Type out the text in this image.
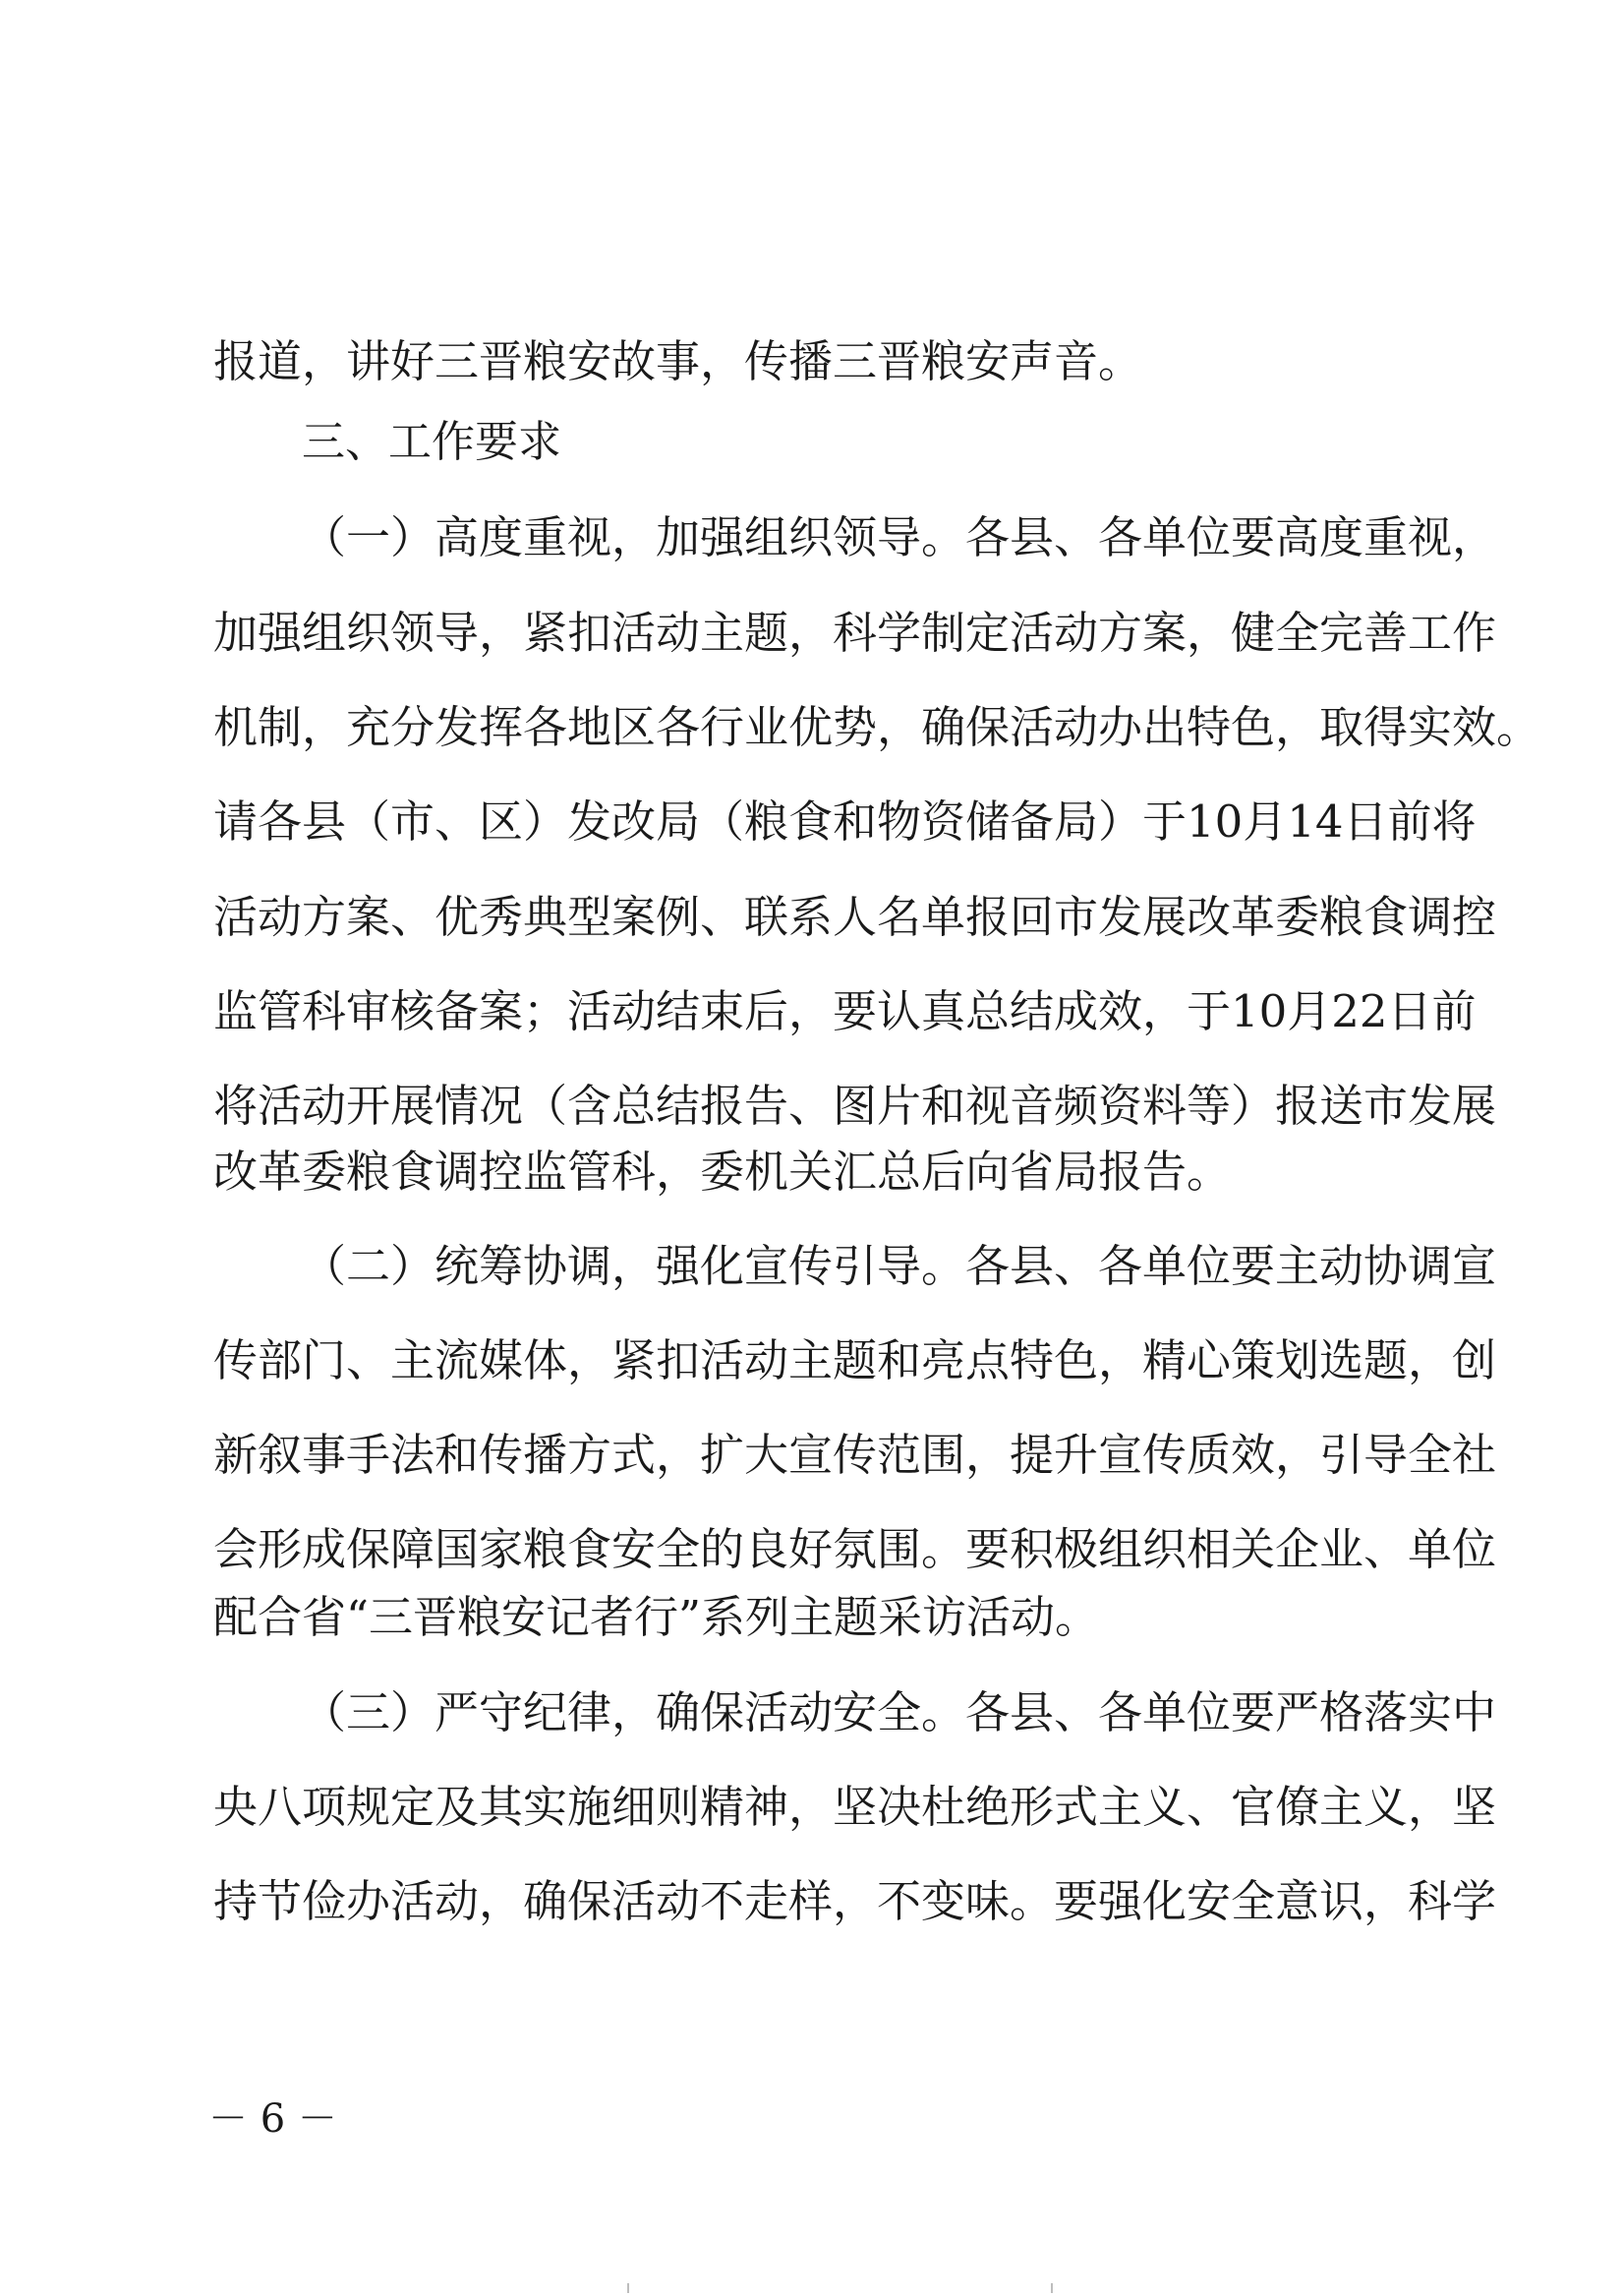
报道，讲好三晋粮安故事，传播三晋粮安声音。
三、工作要求
（一）高度重视，加强组织领导。各县、各单位要高度重视，
加强组织领导，紧扣活动主题，科学制定活动方案，健全完善工作
机制，充分发挥各地区各行业优势，确保活动办出特色，取得实效。
请各县（市、区）发改局（粮食和物资储备局）于10月14日前将
活动方案、优秀典型案例、联系人名单报回市发展改革委粮食调控
监管科审核备案；活动结束后，要认真总结成效，于10月22日前
将活动开展情况（含总结报告、图片和视音频资料等）报送市发展
改革委粮食调控监管科，委机关汇总后向省局报告。
（二）统筹协调，强化宣传引导。各县、各单位要主动协调宣
传部门、主流媒体，紧扣活动主题和亮点特色，精心策划选题，创
新叙事手法和传播方式，扩大宣传范围，提升宣传质效，引导全社
会形成保障国家粮食安全的良好氛围。要积极组织相关企业、单位
配合省“三晋粮安记者行”系列主题采访活动。
（三）严守纪律，确保活动安全。各县、各单位要严格落实中
央八项规定及其实施细则精神，坚决杜绝形式主义、官僚主义，坚
持节俭办活动，确保活动不走样，不变味。要强化安全意识，科学
－ 6 －
